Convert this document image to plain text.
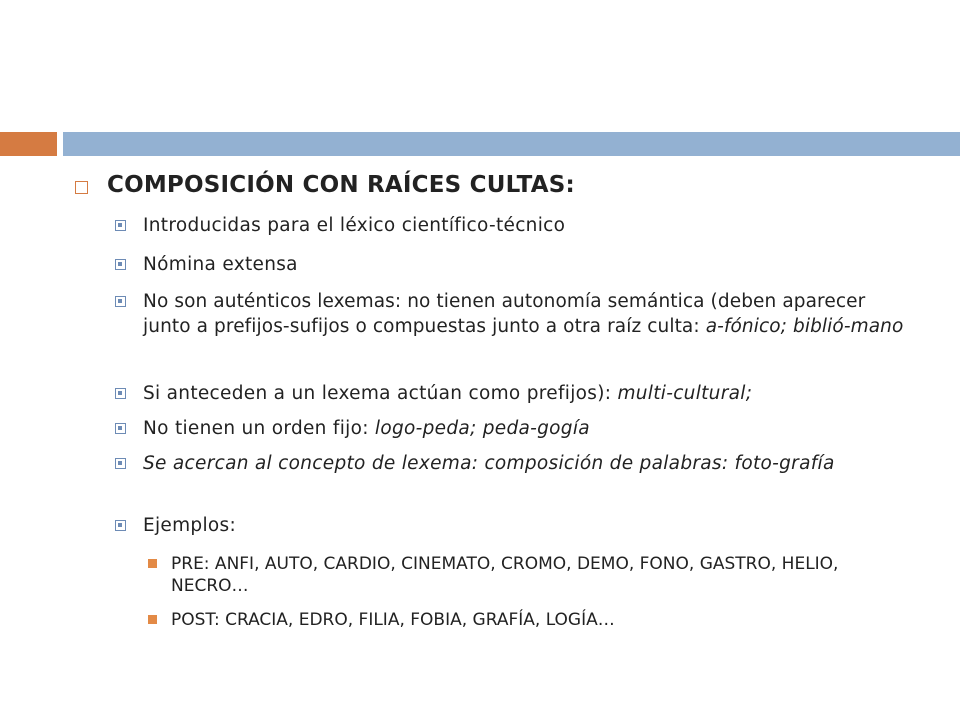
COMPOSICIÓN CON RAÍCES CULTAS:
Introducidas para el léxico científico-técnico
Nómina extensa
No son auténticos lexemas: no tienen autonomía semántica (deben aparecer junto a prefijos-sufijos o compuestas junto a otra raíz culta: a-fónico; biblió-mano
Si anteceden a un lexema actúan como prefijos): multi-cultural;
No tienen un orden fijo: logo-peda; peda-gogía
Se acercan al concepto de lexema: composición de palabras: foto-grafía
Ejemplos:
PRE: ANFI, AUTO, CARDIO, CINEMATO, CROMO, DEMO, FONO, GASTRO, HELIO, NECRO…
POST: CRACIA, EDRO, FILIA, FOBIA, GRAFÍA, LOGÍA…
